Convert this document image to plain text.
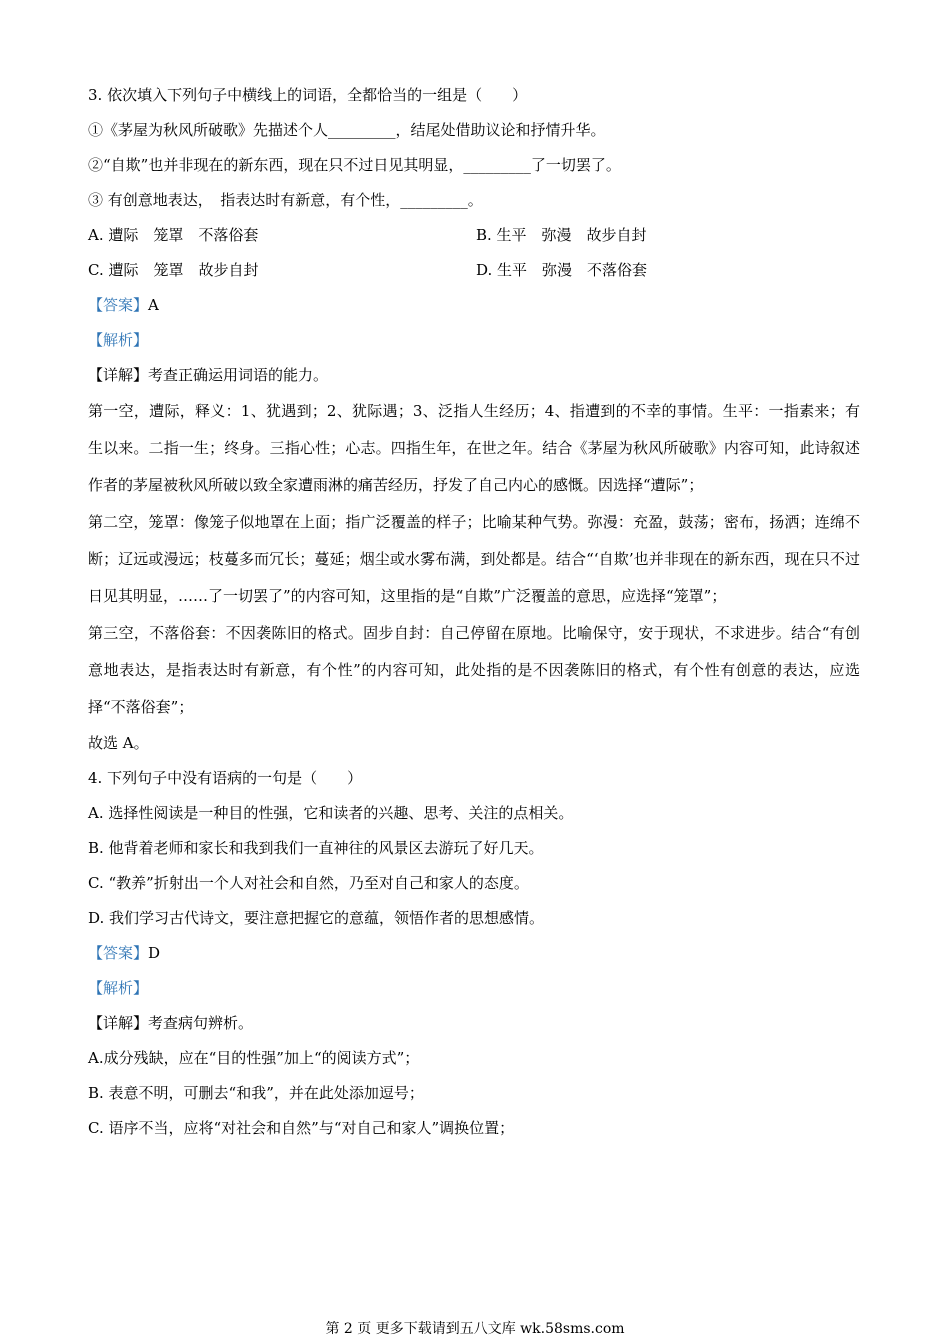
3. 依次填入下列句子中横线上的词语，全都恰当的一组是（　　）
①《茅屋为秋风所破歌》先描述个人_________，结尾处借助议论和抒情升华。
②“自欺”也并非现在的新东西，现在只不过日见其明显，_________了一切罢了。
③ 有创意地表达，　指表达时有新意，有个性，_________。
A. 遭际　笼罩　不落俗套	B. 生平　弥漫　故步自封
C. 遭际　笼罩　故步自封	D. 生平　弥漫　不落俗套
【答案】A
【解析】
【详解】考查正确运用词语的能力。
第一空，遭际，释义：1、犹遇到；2、犹际遇；3、泛指人生经历；4、指遭到的不幸的事情。生平：一指素来；有生以来。二指一生；终身。三指心性；心志。四指生年，在世之年。结合《茅屋为秋风所破歌》内容可知，此诗叙述作者的茅屋被秋风所破以致全家遭雨淋的痛苦经历，抒发了自己内心的感慨。因选择“遭际”；
第二空，笼罩：像笼子似地罩在上面；指广泛覆盖的样子；比喻某种气势。弥漫：充盈，鼓荡；密布，扬洒；连绵不断；辽远或漫远；枝蔓多而冗长；蔓延；烟尘或水雾布满，到处都是。结合“‘自欺’也并非现在的新东西，现在只不过日见其明显，……了一切罢了”的内容可知，这里指的是“自欺”广泛覆盖的意思，应选择“笼罩”；
第三空，不落俗套：不因袭陈旧的格式。固步自封：自己停留在原地。比喻保守，安于现状，不求进步。结合“有创意地表达，是指表达时有新意，有个性”的内容可知，此处指的是不因袭陈旧的格式，有个性有创意的表达，应选择“不落俗套”；
故选 A。
4. 下列句子中没有语病的一句是（　　）
A. 选择性阅读是一种目的性强，它和读者的兴趣、思考、关注的点相关。
B. 他背着老师和家长和我到我们一直神往的风景区去游玩了好几天。
C. “教养”折射出一个人对社会和自然，乃至对自己和家人的态度。
D. 我们学习古代诗文，要注意把握它的意蕴，领悟作者的思想感情。
【答案】D
【解析】
【详解】考查病句辨析。
A.成分残缺，应在“目的性强”加上“的阅读方式”；
B. 表意不明，可删去“和我”，并在此处添加逗号；
C. 语序不当，应将“对社会和自然”与“对自己和家人”调换位置；
第 2 页 更多下载请到五八文库 wk.58sms.com
